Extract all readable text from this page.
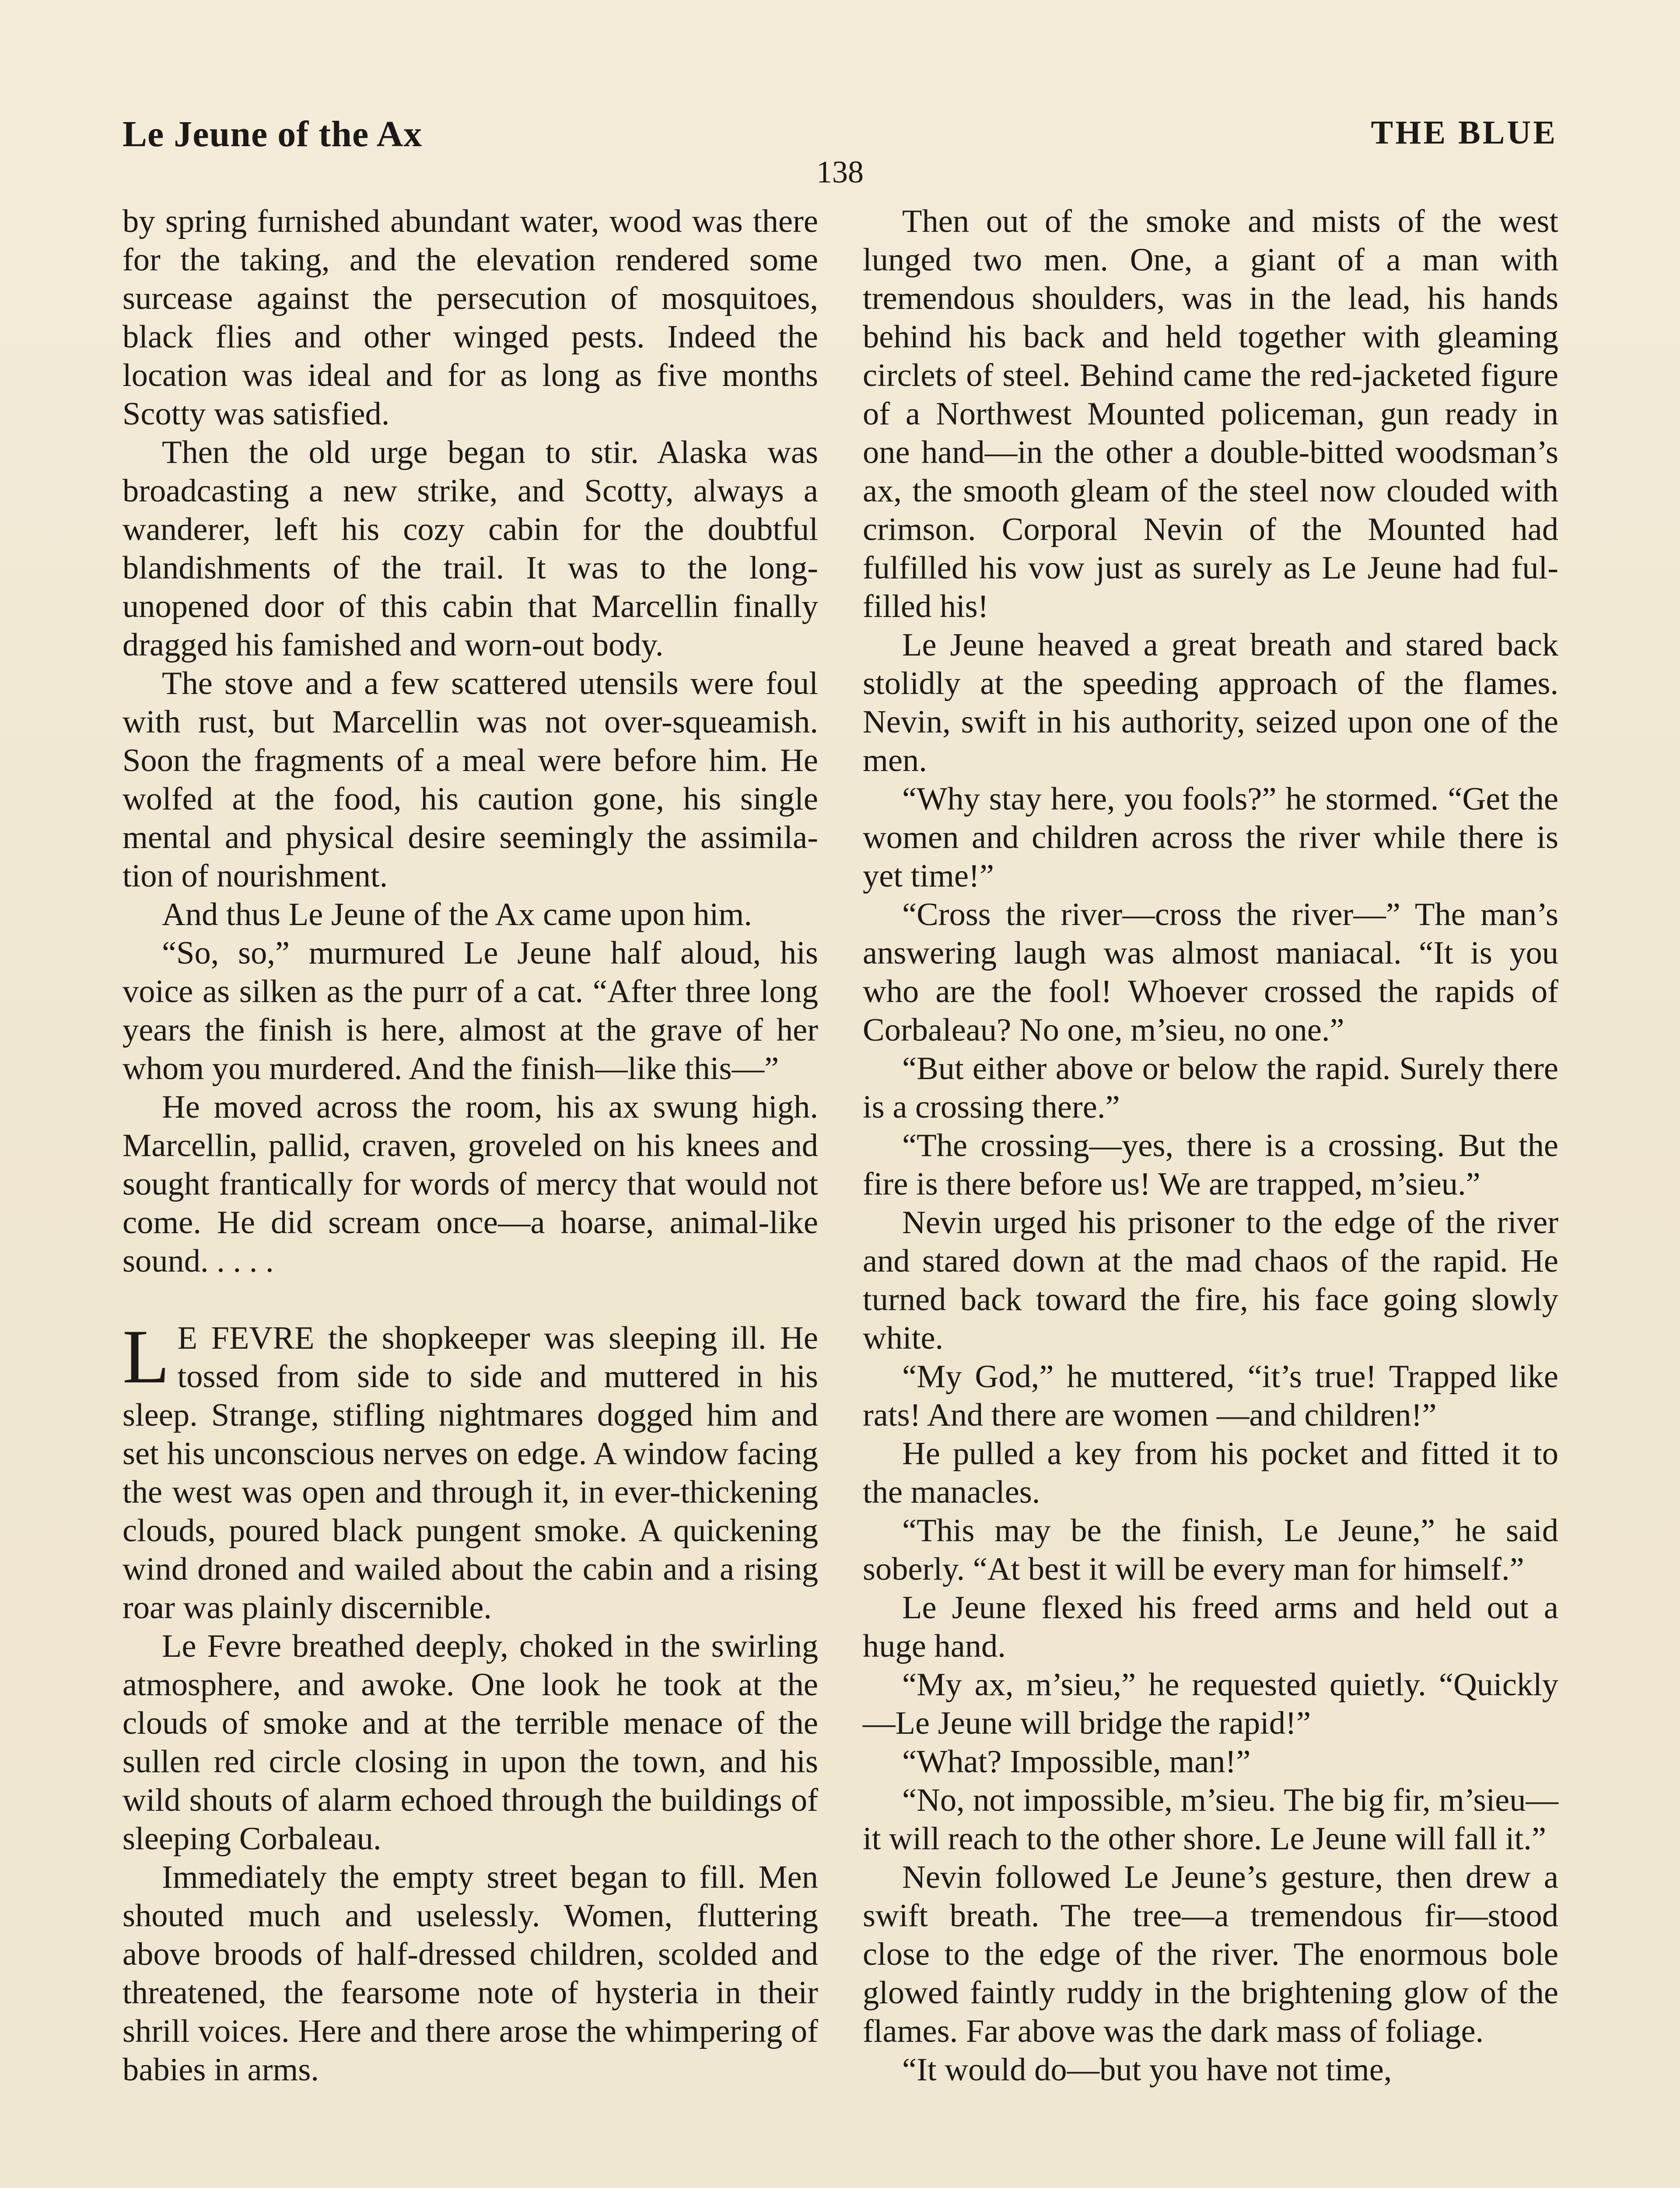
Le Jeune of the Ax	THE BLUE
138

by spring furnished abundant water, wood was there for the taking, and the elevation rendered some surcease against the persecution of mosquitoes, black flies and other winged pests. Indeed the location was ideal and for as long as five months Scotty was satisfied.

Then the old urge began to stir. Alaska was broadcasting a new strike, and Scotty, always a wanderer, left his cozy cabin for the doubtful blandishments of the trail. It was to the long-unopened door of this cabin that Marcellin finally dragged his famished and worn-out body.

The stove and a few scattered utensils were foul with rust, but Marcellin was not over-squeamish. Soon the fragments of a meal were before him. He wolfed at the food, his caution gone, his single mental and physical desire seemingly the assimilation of nourishment.

And thus Le Jeune of the Ax came upon him.

“So, so,” murmured Le Jeune half aloud, his voice as silken as the purr of a cat. “After three long years the finish is here, almost at the grave of her whom you murdered. And the finish—like this—”

He moved across the room, his ax swung high. Marcellin, pallid, craven, groveled on his knees and sought frantically for words of mercy that would not come. He did scream once—a hoarse, animal-like sound. . . . .

L E FEVRE the shopkeeper was sleeping ill. He tossed from side to side and muttered in his sleep. Strange, stifling nightmares dogged him and set his unconscious nerves on edge. A window facing the west was open and through it, in ever-thickening clouds, poured black pungent smoke. A quickening wind droned and wailed about the cabin and a rising roar was plainly discernible.

Le Fevre breathed deeply, choked in the swirling atmosphere, and awoke. One look he took at the clouds of smoke and at the terrible menace of the sullen red circle closing in upon the town, and his wild shouts of alarm echoed through the buildings of sleeping Corbaleau.

Immediately the empty street began to fill. Men shouted much and uselessly. Women, fluttering above broods of half-dressed children, scolded and threatened, the fearsome note of hysteria in their shrill voices. Here and there arose the whimpering of babies in arms.

Then out of the smoke and mists of the west lunged two men. One, a giant of a man with tremendous shoulders, was in the lead, his hands behind his back and held together with gleaming circlets of steel. Behind came the red-jacketed figure of a Northwest Mounted policeman, gun ready in one hand—in the other a double-bitted woodsman’s ax, the smooth gleam of the steel now clouded with crimson. Corporal Nevin of the Mounted had fulfilled his vow just as surely as Le Jeune had fulfilled his!

Le Jeune heaved a great breath and stared back stolidly at the speeding approach of the flames. Nevin, swift in his authority, seized upon one of the men.

“Why stay here, you fools?” he stormed. “Get the women and children across the river while there is yet time!”

“Cross the river—cross the river—” The man’s answering laugh was almost maniacal. “It is you who are the fool! Whoever crossed the rapids of Corbaleau? No one, m’sieu, no one.”

“But either above or below the rapid. Surely there is a crossing there.”

“The crossing—yes, there is a crossing. But the fire is there before us! We are trapped, m’sieu.”

Nevin urged his prisoner to the edge of the river and stared down at the mad chaos of the rapid. He turned back toward the fire, his face going slowly white.

“My God,” he muttered, “it’s true! Trapped like rats! And there are women —and children!”

He pulled a key from his pocket and fitted it to the manacles.

“This may be the finish, Le Jeune,” he said soberly. “At best it will be every man for himself.”

Le Jeune flexed his freed arms and held out a huge hand.

“My ax, m’sieu,” he requested quietly. “Quickly—Le Jeune will bridge the rapid!”

“What? Impossible, man!”

“No, not impossible, m’sieu. The big fir, m’sieu—it will reach to the other shore. Le Jeune will fall it.”

Nevin followed Le Jeune’s gesture, then drew a swift breath. The tree—a tremendous fir—stood close to the edge of the river. The enormous bole glowed faintly ruddy in the brightening glow of the flames. Far above was the dark mass of foliage.

“It would do—but you have not time,
